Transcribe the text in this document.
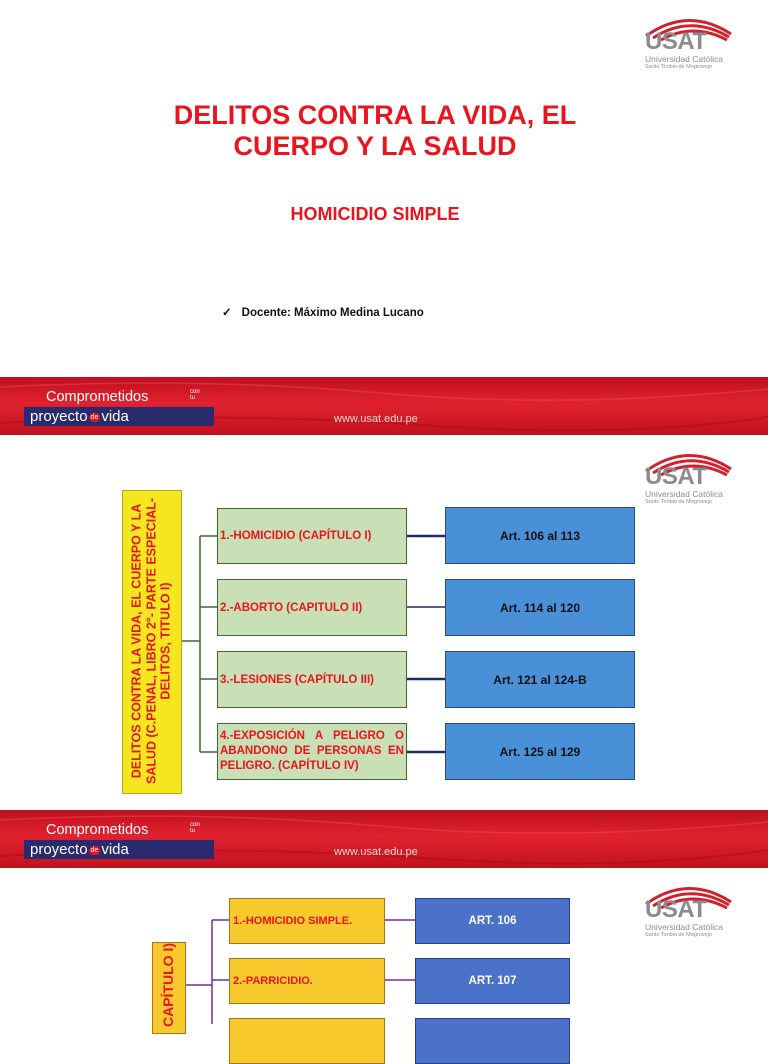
USAT
Universidad Católica
Santo Toribio de Mogrovejo
DELITOS CONTRA LA VIDA, EL
CUERPO Y LA SALUD
HOMICIDIO SIMPLE
✓ Docente: Máximo Medina Lucano
Comprometidos	con
tu
proyecto de vida	www.usat.edu.pe
USAT
Universidad Católica
Santo Toribio de Mogrovejo
DELITOS CONTRA LA VIDA, EL CUERPO Y LA SALUD (C.PENAL, LIBRO 2°- PARTE ESPECIAL- DELITOS, TITULO I)
1.-HOMICIDIO (CAPÍTULO I)
2.-ABORTO (CAPITULO II)
3.-LESIONES (CAPÍTULO III)
4.-EXPOSICIÓN A PELIGRO O ABANDONO DE PERSONAS EN PELIGRO. (CAPÍTULO IV)
Art. 106 al 113
Art. 114 al 120
Art. 121 al 124-B
Art. 125 al 129
Comprometidos	con
tu
proyecto de vida	www.usat.edu.pe
USAT
Universidad Católica
Santo Toribio de Mogrovejo
CAPÍTULO I)
1.-HOMICIDIO SIMPLE.
2.-PARRICIDIO.
ART. 106
ART. 107
